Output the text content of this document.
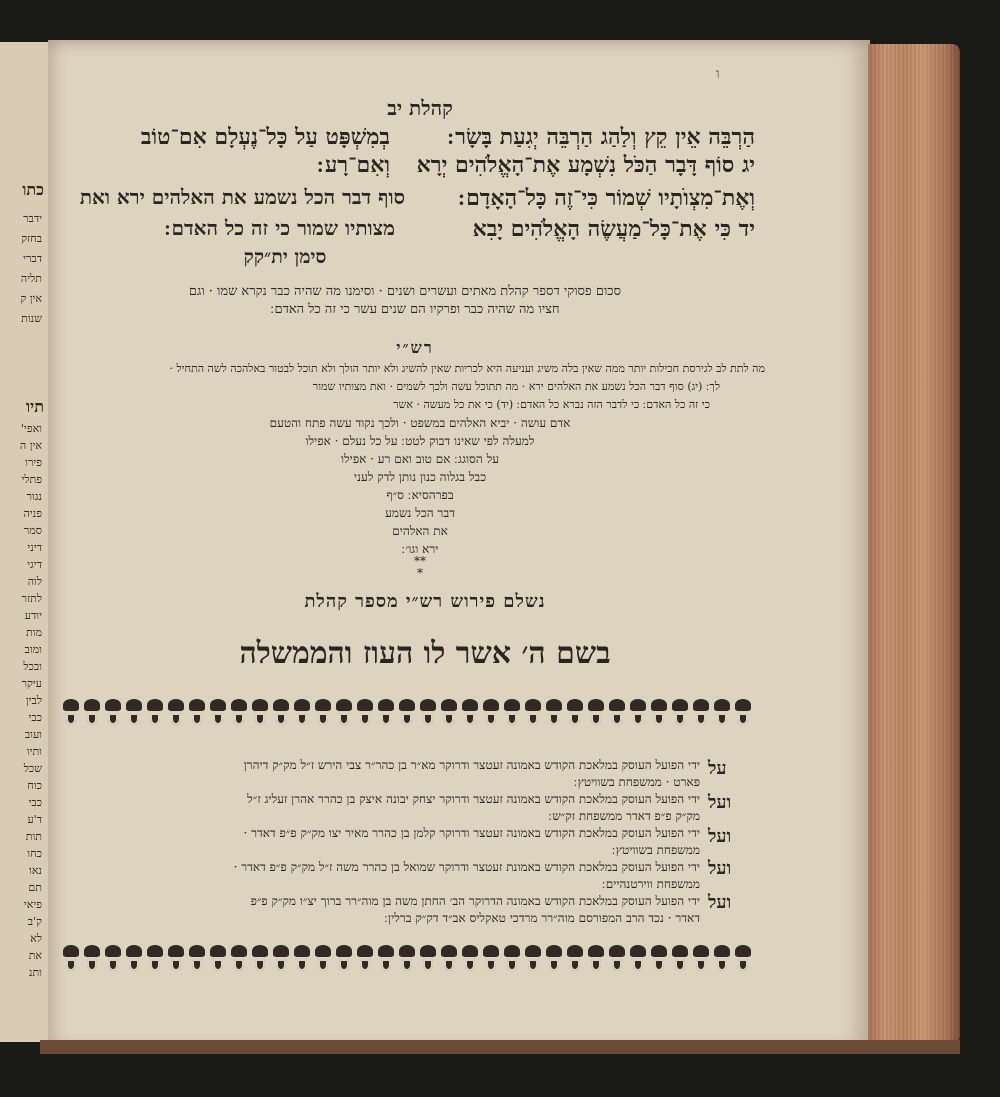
כתו
ידבר
בחזק
דברי
תליה
אין ק
שנות
תיו
ואפי'
אין ה
פירו
פתלי
נגור
פניה
סמר
דיני
דיגי
לוה
לתזר
יודע
מות
ומוב
ובכל
עיקר
לבין
כבי
ועוב
ותיו
שכל
כוח
כבי
ד'ע
תות
כחו
נאו
תם
פיאי
ק'ב
לא
את
ותנ
ו
קהלת יב
הַרְבֵּה אֵין קֵץ וְלַהַג הַרְבֵּה יְגִעַת בָּשָׂר ׃
בְמִשְׁפָּט עַל כָּל־נֶעְלָם אִם־טוֹב
יג סוֹף דָּבָר הַכֹּל נִשְׁמָע אֶת־הָאֱלֹהִים יְרָא
וְאִם־רָע ׃
וְאֶת־מִצְוֺתָיו שְׁמוֹר כִּי־זֶה כָּל־הָאָדָם ׃
סוף דבר הכל נשמע את האלהים ירא ואת
יד כִּי אֶת־כָּל־מַעֲשֶׂה הָאֱלֹהִים יָבִא
מצותיו שמור כי זה כל האדם ׃
סימן ית״קק
סכום פסוקי דספר קהלת מאתים ועשרים ושנים · וסימנו מה שהיה כבר נקרא שמו · וגם
חציו מה שהיה כבר ופרקיו הם שנים עשר כי זה כל האדם ׃
רש״י
מה לתת לב לגירסת חכילות יותר ממה שאין בלה משיג ועניעה היא לכריות שאין להשיג ולא יותר הולך ולא תוכל לבטור באלהכה לשה התחיל ·
לך ׃ (יג) סוף דבר הכל נשמע את האלהים ירא · מה תתוכל עשה ולכך לשמים · ואת מצותיו שמור
כי זה כל האדם ׃ כי לדבר הזה נברא כל האדם ׃ (יד) כי את כל מעשה · אשר
אדם עושה · יביא האלהים במשפט · ולכך נקוד עשה פתח והטעם
למעלה לפי שאינו דבוק לטט ׃ על כל נעלם · אפילו
על הסוגג ׃ אם טוב ואם רע · אפילו
כבל בגלוה כנון נותן לדק לעני
בפרהסיא ׃ ס״ף
דבר הכל נשמע
את האלהים
ירא וגו׳ ׃
**
*
נשלם פירוש רש״י מספר קהלת
בשם ה׳ אשר לו העוז והממשלה
על
ועל
ועל
ועל
ועל
ידי הפועל העוסק במלאכת הקודש באמונה זעטצר ודרוקר מא״ר בן כהר״ר צבי הירש ז״ל מק״ק דיהרן
פארט · ממשפחת בשוויטץ ׃
ידי הפועל העוסק במלאכת הקודש באמונה זעטצר ודרוקר יצחק יבונה איצק בן כהרר אהרן זעליג ז״ל
מק״ק פ״פ דאדר ממשפחת זק״ש ׃
ידי הפועל העוסק במלאכת הקודש באמונה זעטצר ודרוקר קלמן בן כהרר מאיר יצו מק״ק פ״פ דאדר ·
ממשפחת בשוויטץ ׃
ידי הפועל העוסק במלאכת הקודש באמונת זעטצר ודרוקר שמואל בן כהרר משה ז״ל מק״ק פ״פ דאדר ·
ממשפחת ווירטנהיים ׃
ידי הפועל העוסק במלאכת הקודש באמונה הדרוקר הב׳ החתן משה בן מוה״רר ברוך יצ״ו מק״ק פ״פ
דאדר · נכד הרב המפורסם מוה״רר מרדכי טאקליס אב״ד דק״ק ברלין ׃
